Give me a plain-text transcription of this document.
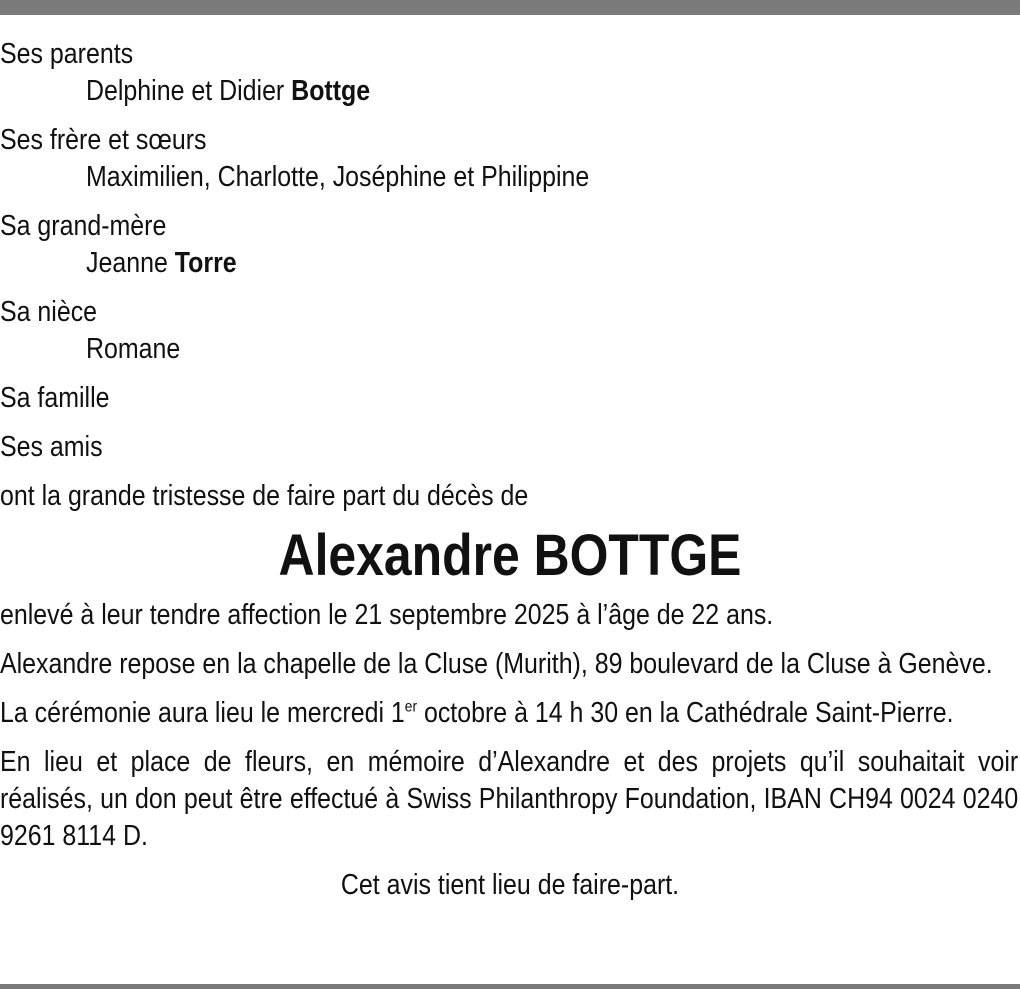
Ses parents
Delphine et Didier Bottge
Ses frère et sœurs
Maximilien, Charlotte, Joséphine et Philippine
Sa grand-mère
Jeanne Torre
Sa nièce
Romane
Sa famille
Ses amis
ont la grande tristesse de faire part du décès de
Alexandre BOTTGE
enlevé à leur tendre affection le 21 septembre 2025 à l’âge de 22 ans.
Alexandre repose en la chapelle de la Cluse (Murith), 89 boulevard de la Cluse à Genève.
La cérémonie aura lieu le mercredi 1er octobre à 14 h 30 en la Cathédrale Saint-Pierre.
En lieu et place de fleurs, en mémoire d’Alexandre et des projets qu’il souhaitait voir réalisés, un don peut être effectué à Swiss Philanthropy Foundation, IBAN CH94 0024 0240 9261 8114 D.
Cet avis tient lieu de faire-part.
